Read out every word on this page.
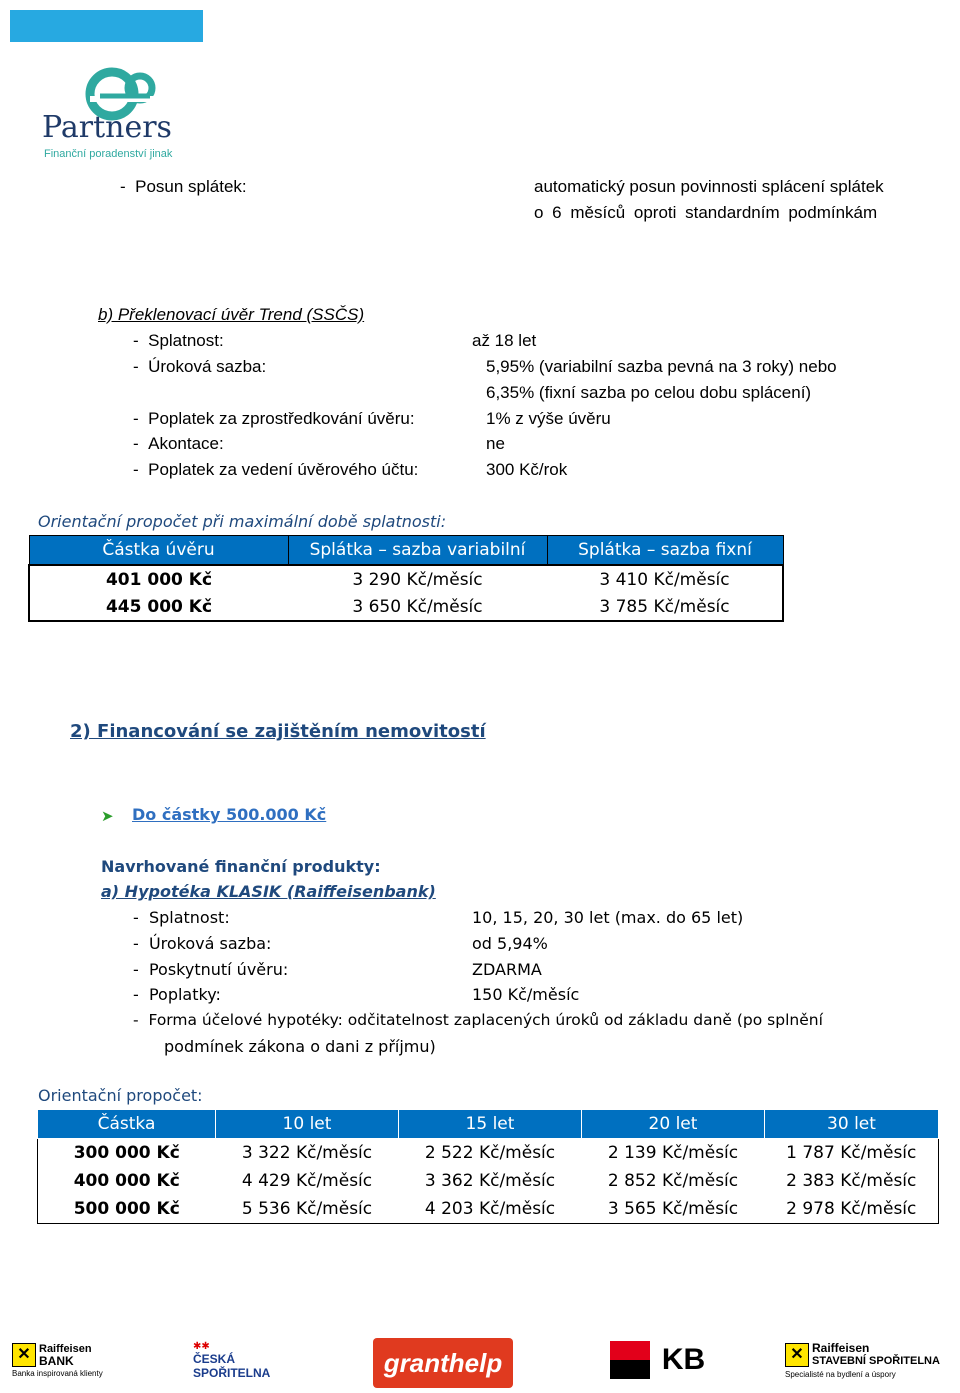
Partners
Finanční poradenství jinak
-  Posun splátek:	automatický posun povinnosti splácení splátek
o 6 měsíců oproti standardním podmínkám
b) Překlenovací úvěr Trend (SSČS)
-  Splatnost:	až 18 let
-  Úroková sazba:	5,95% (variabilní sazba pevná na 3 roky) nebo
6,35% (fixní sazba po celou dobu splácení)
-  Poplatek za zprostředkování úvěru:	1% z výše úvěru
-  Akontace:	ne
-  Poplatek za vedení úvěrového účtu:	300 Kč/rok
Orientační propočet při maximální době splatnosti:
Částka úvěru	Splátka – sazba variabilní	Splátka – sazba fixní
401 000 Kč	3 290 Kč/měsíc	3 410 Kč/měsíc
445 000 Kč	3 650 Kč/měsíc	3 785 Kč/měsíc
2) Financování se zajištěním nemovitostí
➤ Do částky 500.000 Kč
Navrhované finanční produkty:
a) Hypotéka KLASIK (Raiffeisenbank)
-  Splatnost:	10, 15, 20, 30 let (max. do 65 let)
-  Úroková sazba:	od 5,94%
-  Poskytnutí úvěru:	ZDARMA
-  Poplatky:	150 Kč/měsíc
-  Forma účelové hypotéky: odčitatelnost zaplacených úroků od základu daně (po splnění
podmínek zákona o dani z příjmu)
Orientační propočet:
Částka	10 let	15 let	20 let	30 let
300 000 Kč	3 322 Kč/měsíc	2 522 Kč/měsíc	2 139 Kč/měsíc	1 787 Kč/měsíc
400 000 Kč	4 429 Kč/měsíc	3 362 Kč/měsíc	2 852 Kč/měsíc	2 383 Kč/měsíc
500 000 Kč	5 536 Kč/měsíc	4 203 Kč/měsíc	3 565 Kč/měsíc	2 978 Kč/měsíc
✕ Raiffeisen
BANK
Banka inspirovaná klienty
✱✱
ČESKÁ
SPOŘITELNA	granthelp	KB	✕ Raiffeisen
STAVEBNÍ SPOŘITELNA
Specialisté na bydlení a úspory
